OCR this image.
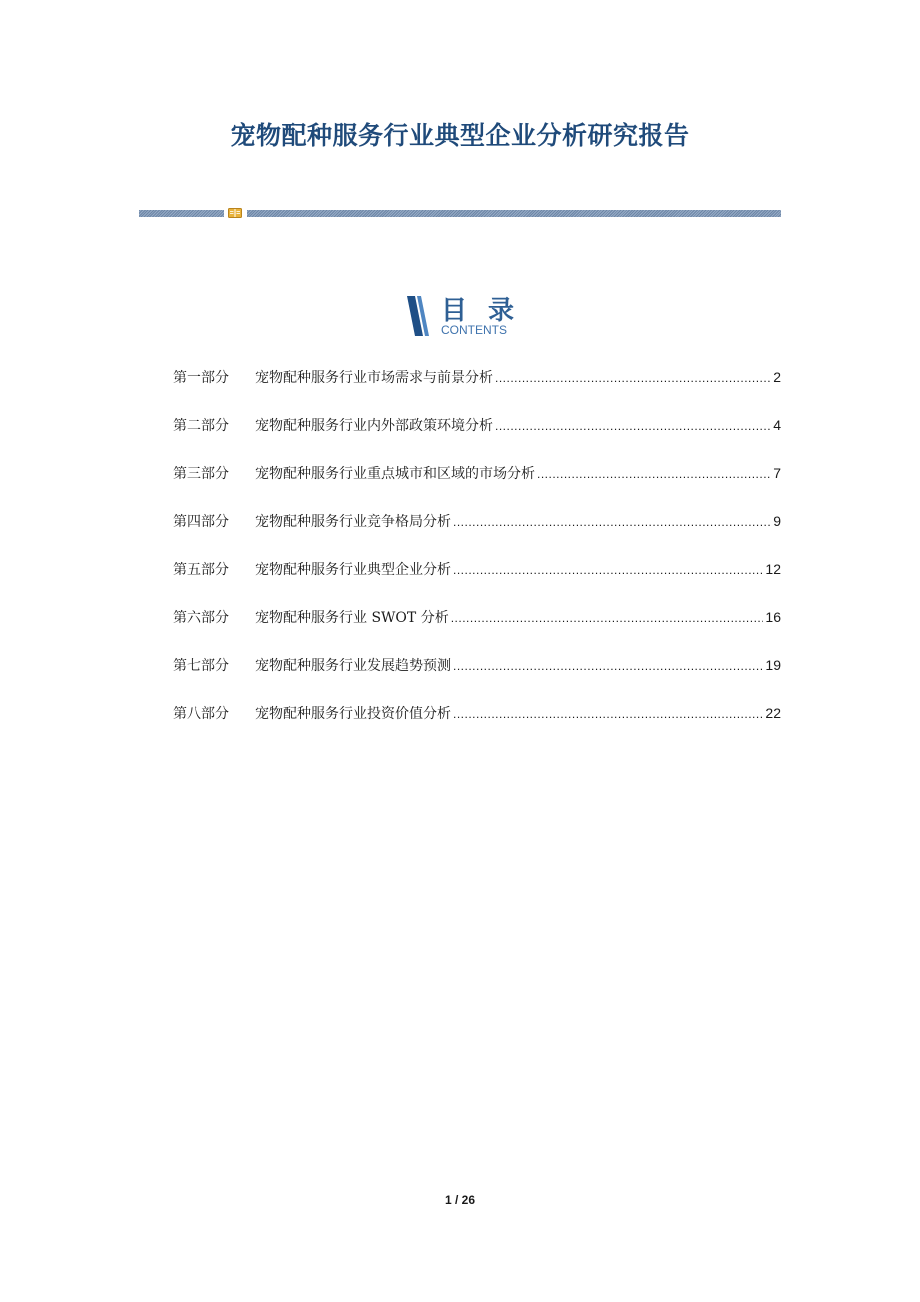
宠物配种服务行业典型企业分析研究报告
目 录
CONTENTS
第一部分	宠物配种服务行业市场需求与前景分析 .....	2
第二部分	宠物配种服务行业内外部政策环境分析 .....	4
第三部分	宠物配种服务行业重点城市和区域的市场分析 .....	7
第四部分	宠物配种服务行业竞争格局分析 .....	9
第五部分	宠物配种服务行业典型企业分析 .....	12
第六部分	宠物配种服务行业 SWOT 分析 .....	16
第七部分	宠物配种服务行业发展趋势预测 .....	19
第八部分	宠物配种服务行业投资价值分析 .....	22
1 / 26
